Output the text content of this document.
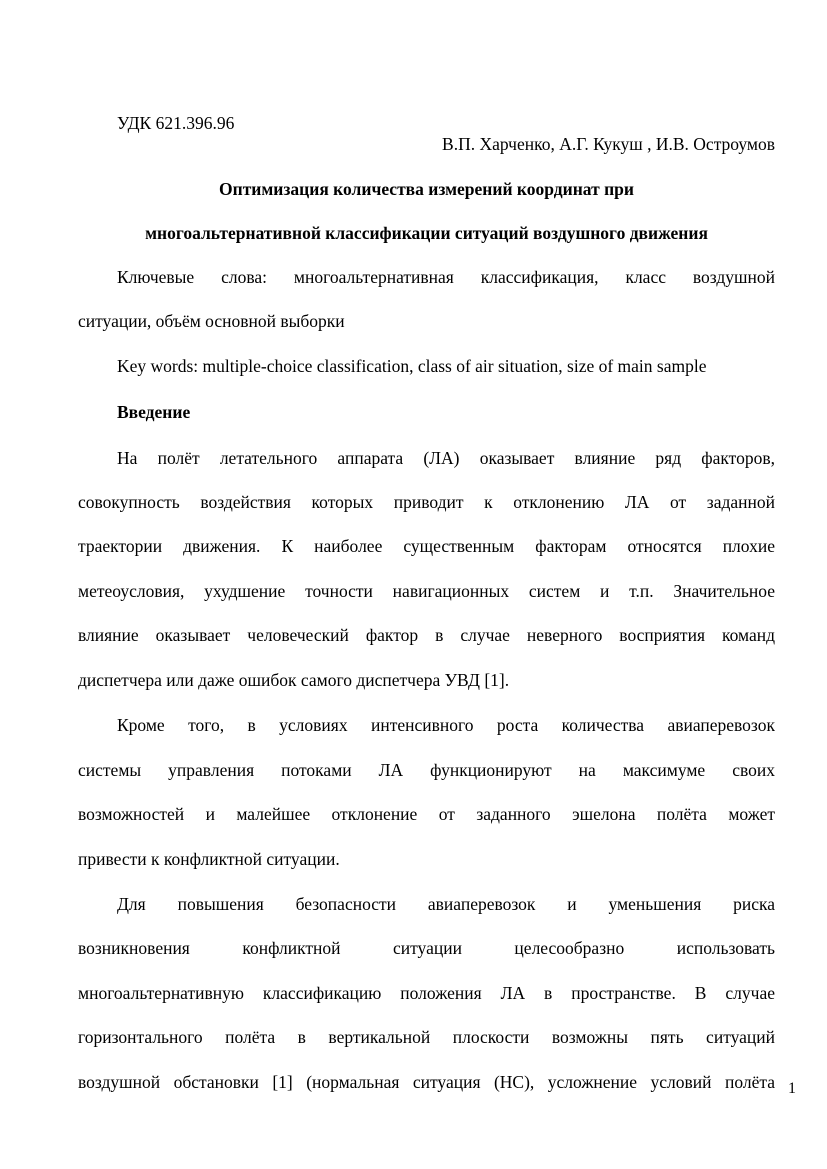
УДК 621.396.96
В.П. Харченко, А.Г. Кукуш , И.В. Остроумов
Оптимизация количества измерений координат при
многоальтернативной классификации ситуаций воздушного движения
Ключевые слова: многоальтернативная классификация, класс воздушной
ситуации, объём основной выборки
Key words: multiple-choice classification, class of air situation, size of main sample
Введение
На полёт летательного аппарата (ЛА) оказывает влияние ряд факторов,
совокупность воздействия которых приводит к отклонению ЛА от заданной
траектории движения. К наиболее существенным факторам относятся плохие
метеоусловия, ухудшение точности навигационных систем и т.п. Значительное
влияние оказывает человеческий фактор в случае неверного восприятия команд
диспетчера или даже ошибок самого диспетчера УВД [1].
Кроме того, в условиях интенсивного роста количества авиаперевозок
системы управления потоками ЛА функционируют на максимуме своих
возможностей и малейшее отклонение от заданного эшелона полёта может
привести к конфликтной ситуации.
Для повышения безопасности авиаперевозок и уменьшения риска
возникновения конфликтной ситуации целесообразно использовать
многоальтернативную классификацию положения ЛА в пространстве. В случае
горизонтального полёта в вертикальной плоскости возможны пять ситуаций
воздушной обстановки [1] (нормальная ситуация (НС), усложнение условий полёта 1
